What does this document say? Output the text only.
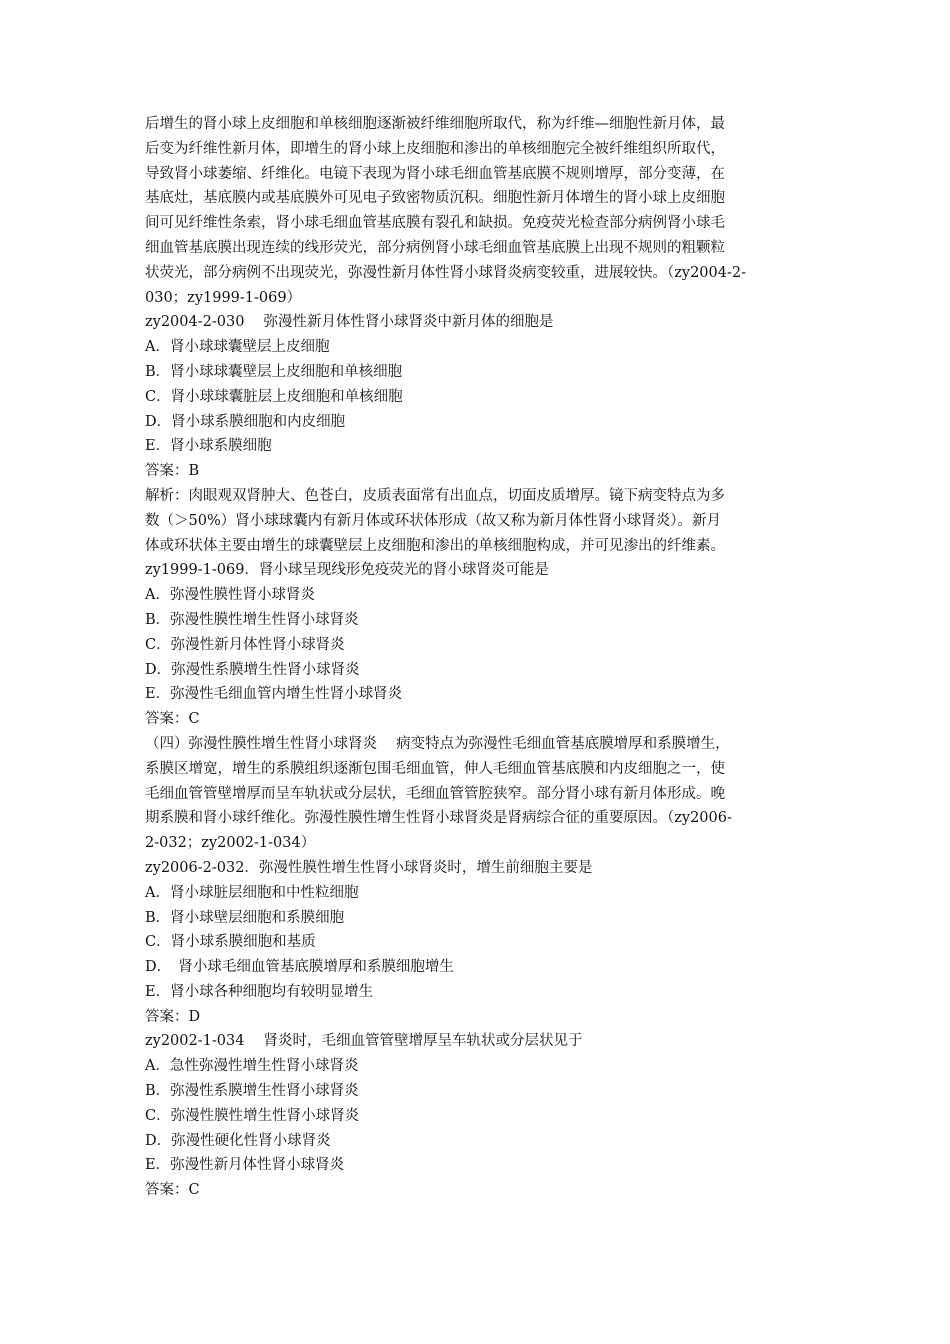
后增生的肾小球上皮细胞和单核细胞逐渐被纤维细胞所取代，称为纤维—细胞性新月体，最
后变为纤维性新月体，即增生的肾小球上皮细胞和渗出的单核细胞完全被纤维组织所取代，
导致肾小球萎缩、纤维化。电镜下表现为肾小球毛细血管基底膜不规则增厚，部分变薄，在
基底灶，基底膜内或基底膜外可见电子致密物质沉积。细胞性新月体增生的肾小球上皮细胞
间可见纤维性条索，肾小球毛细血管基底膜有裂孔和缺损。免疫荧光检查部分病例肾小球毛
细血管基底膜出现连续的线形荧光，部分病例肾小球毛细血管基底膜上出现不规则的粗颗粒
状荧光，部分病例不出现荧光，弥漫性新月体性肾小球肾炎病变较重，进展较快。（zy2004-2-
030；zy1999-1-069）
zy2004-2-030　 弥漫性新月体性肾小球肾炎中新月体的细胞是
A．肾小球球囊壁层上皮细胞
B．肾小球球囊壁层上皮细胞和单核细胞
C．肾小球球囊脏层上皮细胞和单核细胞
D．肾小球系膜细胞和内皮细胞
E．肾小球系膜细胞
答案：B
解析：肉眼观双肾肿大、色苍白，皮质表面常有出血点，切面皮质增厚。镜下病变特点为多
数（＞50%）肾小球球囊内有新月体或环状体形成（故又称为新月体性肾小球肾炎）。新月
体或环状体主要由增生的球囊壁层上皮细胞和渗出的单核细胞构成，并可见渗出的纤维素。
zy1999-1-069．肾小球呈现线形免疫荧光的肾小球肾炎可能是
A．弥漫性膜性肾小球肾炎
B．弥漫性膜性增生性肾小球肾炎
C．弥漫性新月体性肾小球肾炎
D．弥漫性系膜增生性肾小球肾炎
E．弥漫性毛细血管内增生性肾小球肾炎
答案：C
（四）弥漫性膜性增生性肾小球肾炎　 病变特点为弥漫性毛细血管基底膜增厚和系膜增生，
系膜区增宽，增生的系膜组织逐渐包围毛细血管，伸人毛细血管基底膜和内皮细胞之一，使
毛细血管管壁增厚而呈车轨状或分层状，毛细血管管腔狭窄。部分肾小球有新月体形成。晚
期系膜和肾小球纤维化。弥漫性膜性增生性肾小球肾炎是肾病综合征的重要原因。（zy2006-
2-032；zy2002-1-034）
zy2006-2-032．弥漫性膜性增生性肾小球肾炎时，增生前细胞主要是
A．肾小球脏层细胞和中性粒细胞
B．肾小球壁层细胞和系膜细胞
C．肾小球系膜细胞和基质
D．　肾小球毛细血管基底膜增厚和系膜细胞增生
E．肾小球各种细胞均有较明显增生
答案：D
zy2002-1-034　 肾炎时，毛细血管管壁增厚呈车轨状或分层状见于
A．急性弥漫性增生性肾小球肾炎
B．弥漫性系膜增生性肾小球肾炎
C．弥漫性膜性增生性肾小球肾炎
D．弥漫性硬化性肾小球肾炎
E．弥漫性新月体性肾小球肾炎
答案：C
